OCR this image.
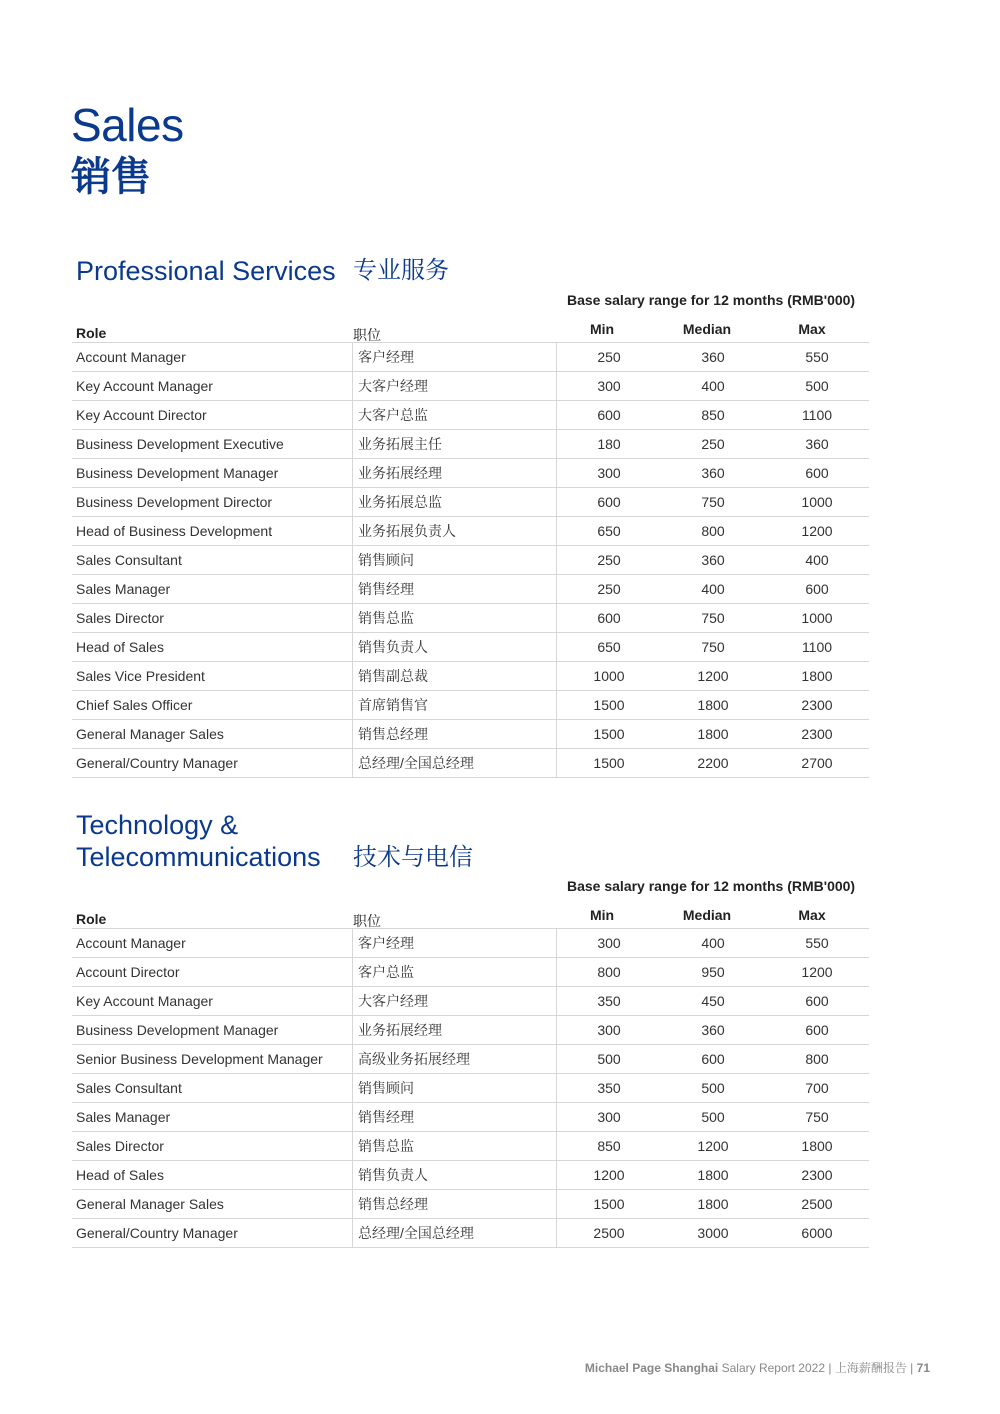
Sales
销售
Professional Services 专业服务
Base salary range for 12 months (RMB'000)
Role	职位	Min	Median	Max
Account Manager	客户经理	250	360	550
Key Account Manager	大客户经理	300	400	500
Key Account Director	大客户总监	600	850	1100
Business Development Executive	业务拓展主任	180	250	360
Business Development Manager	业务拓展经理	300	360	600
Business Development Director	业务拓展总监	600	750	1000
Head of Business Development	业务拓展负责人	650	800	1200
Sales Consultant	销售顾问	250	360	400
Sales Manager	销售经理	250	400	600
Sales Director	销售总监	600	750	1000
Head of Sales	销售负责人	650	750	1100
Sales Vice President	销售副总裁	1000	1200	1800
Chief Sales Officer	首席销售官	1500	1800	2300
General Manager Sales	销售总经理	1500	1800	2300
General/Country Manager	总经理/全国总经理	1500	2200	2700
Technology &
Telecommunications 技术与电信
Base salary range for 12 months (RMB'000)
Role	职位	Min	Median	Max
Account Manager	客户经理	300	400	550
Account Director	客户总监	800	950	1200
Key Account Manager	大客户经理	350	450	600
Business Development Manager	业务拓展经理	300	360	600
Senior Business Development Manager	高级业务拓展经理	500	600	800
Sales Consultant	销售顾问	350	500	700
Sales Manager	销售经理	300	500	750
Sales Director	销售总监	850	1200	1800
Head of Sales	销售负责人	1200	1800	2300
General Manager Sales	销售总经理	1500	1800	2500
General/Country Manager	总经理/全国总经理	2500	3000	6000
Michael Page Shanghai Salary Report 2022 | 上海薪酬报告 | 71
